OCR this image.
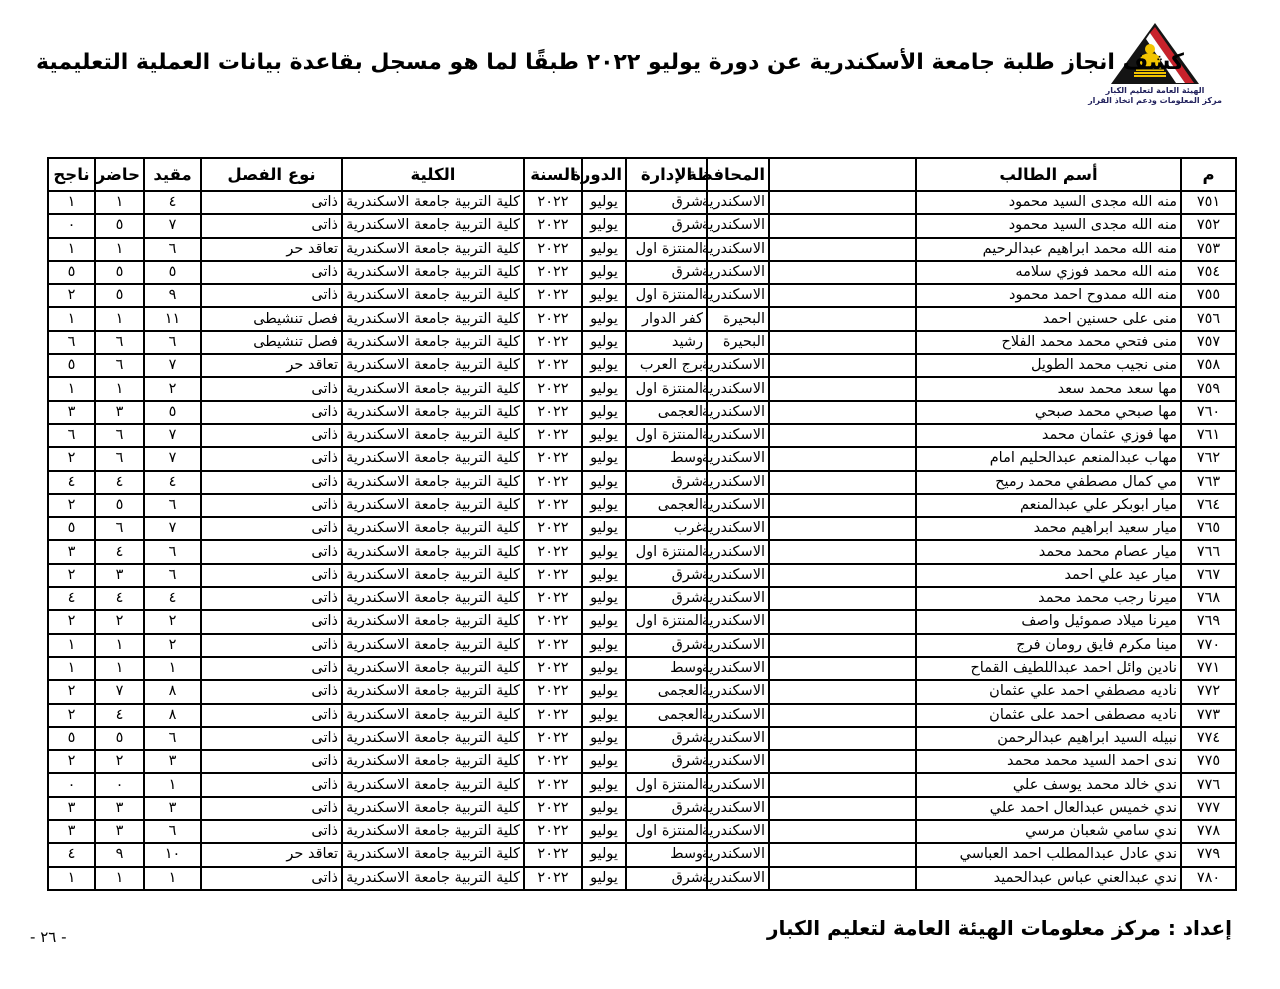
الهيئة العامة لتعليم الكبار
مركز المعلومات ودعم اتخاذ القرار
كشف انجاز طلبة جامعة الأسكندرية عن دورة يوليو ٢٠٢٢ طبقًا لما هو مسجل بقاعدة بيانات العملية التعليمية
م	أسم الطالب		المحافظة	الإدارة	الدورة	السنة	الكلية	نوع الفصل	مقيد	حاضر	ناجح
٧٥١	منه الله مجدى السيد محمود		الاسكندرية	شرق	يوليو	٢٠٢٢	كلية التربية جامعة الاسكندرية	ذاتى	٤	١	١
٧٥٢	منه الله مجدى السيد محمود		الاسكندرية	شرق	يوليو	٢٠٢٢	كلية التربية جامعة الاسكندرية	ذاتى	٧	٥	٠
٧٥٣	منه الله محمد ابراهيم عبدالرحيم		الاسكندرية	المنتزة اول	يوليو	٢٠٢٢	كلية التربية جامعة الاسكندرية	تعاقد حر	٦	١	١
٧٥٤	منه الله محمد فوزي سلامه		الاسكندرية	شرق	يوليو	٢٠٢٢	كلية التربية جامعة الاسكندرية	ذاتى	٥	٥	٥
٧٥٥	منه الله ممدوح احمد محمود		الاسكندرية	المنتزة اول	يوليو	٢٠٢٢	كلية التربية جامعة الاسكندرية	ذاتى	٩	٥	٢
٧٥٦	منى على حسنين احمد		البحيرة	كفر الدوار	يوليو	٢٠٢٢	كلية التربية جامعة الاسكندرية	فصل تنشيطى	١١	١	١
٧٥٧	منى فتحي محمد محمد الفلاح		البحيرة	رشيد	يوليو	٢٠٢٢	كلية التربية جامعة الاسكندرية	فصل تنشيطى	٦	٦	٦
٧٥٨	منى نجيب محمد الطويل		الاسكندرية	برج العرب	يوليو	٢٠٢٢	كلية التربية جامعة الاسكندرية	تعاقد حر	٧	٦	٥
٧٥٩	مها سعد محمد سعد		الاسكندرية	المنتزة اول	يوليو	٢٠٢٢	كلية التربية جامعة الاسكندرية	ذاتى	٢	١	١
٧٦٠	مها صبحي محمد صبحي		الاسكندرية	العجمى	يوليو	٢٠٢٢	كلية التربية جامعة الاسكندرية	ذاتى	٥	٣	٣
٧٦١	مها فوزي عثمان محمد		الاسكندرية	المنتزة اول	يوليو	٢٠٢٢	كلية التربية جامعة الاسكندرية	ذاتى	٧	٦	٦
٧٦٢	مهاب عبدالمنعم عبدالحليم امام		الاسكندرية	وسط	يوليو	٢٠٢٢	كلية التربية جامعة الاسكندرية	ذاتى	٧	٦	٢
٧٦٣	مي كمال مصطفي محمد رميح		الاسكندرية	شرق	يوليو	٢٠٢٢	كلية التربية جامعة الاسكندرية	ذاتى	٤	٤	٤
٧٦٤	ميار ابوبكر علي عبدالمنعم		الاسكندرية	العجمى	يوليو	٢٠٢٢	كلية التربية جامعة الاسكندرية	ذاتى	٦	٥	٢
٧٦٥	ميار سعيد ابراهيم محمد		الاسكندرية	غرب	يوليو	٢٠٢٢	كلية التربية جامعة الاسكندرية	ذاتى	٧	٦	٥
٧٦٦	ميار عصام محمد محمد		الاسكندرية	المنتزة اول	يوليو	٢٠٢٢	كلية التربية جامعة الاسكندرية	ذاتى	٦	٤	٣
٧٦٧	ميار عيد علي احمد		الاسكندرية	شرق	يوليو	٢٠٢٢	كلية التربية جامعة الاسكندرية	ذاتى	٦	٣	٢
٧٦٨	ميرنا رجب محمد محمد		الاسكندرية	شرق	يوليو	٢٠٢٢	كلية التربية جامعة الاسكندرية	ذاتى	٤	٤	٤
٧٦٩	ميرنا ميلاد صموئيل واصف		الاسكندرية	المنتزة اول	يوليو	٢٠٢٢	كلية التربية جامعة الاسكندرية	ذاتى	٢	٢	٢
٧٧٠	مينا مكرم فايق رومان فرج		الاسكندرية	شرق	يوليو	٢٠٢٢	كلية التربية جامعة الاسكندرية	ذاتى	٢	١	١
٧٧١	نادين وائل احمد عبداللطيف القماح		الاسكندرية	وسط	يوليو	٢٠٢٢	كلية التربية جامعة الاسكندرية	ذاتى	١	١	١
٧٧٢	ناديه مصطفي احمد علي عثمان		الاسكندرية	العجمى	يوليو	٢٠٢٢	كلية التربية جامعة الاسكندرية	ذاتى	٨	٧	٢
٧٧٣	ناديه مصطفى احمد على عثمان		الاسكندرية	العجمى	يوليو	٢٠٢٢	كلية التربية جامعة الاسكندرية	ذاتى	٨	٤	٢
٧٧٤	نبيله السيد ابراهيم عبدالرحمن		الاسكندرية	شرق	يوليو	٢٠٢٢	كلية التربية جامعة الاسكندرية	ذاتى	٦	٥	٥
٧٧٥	ندى احمد السيد محمد محمد		الاسكندرية	شرق	يوليو	٢٠٢٢	كلية التربية جامعة الاسكندرية	ذاتى	٣	٢	٢
٧٧٦	ندي خالد محمد يوسف علي		الاسكندرية	المنتزة اول	يوليو	٢٠٢٢	كلية التربية جامعة الاسكندرية	ذاتى	١	٠	٠
٧٧٧	ندي خميس عبدالعال احمد علي		الاسكندرية	شرق	يوليو	٢٠٢٢	كلية التربية جامعة الاسكندرية	ذاتى	٣	٣	٣
٧٧٨	ندي سامي شعبان مرسي		الاسكندرية	المنتزة اول	يوليو	٢٠٢٢	كلية التربية جامعة الاسكندرية	ذاتى	٦	٣	٣
٧٧٩	ندي عادل عبدالمطلب احمد العباسي		الاسكندرية	وسط	يوليو	٢٠٢٢	كلية التربية جامعة الاسكندرية	تعاقد حر	١٠	٩	٤
٧٨٠	ندي عبدالعني عباس عبدالحميد		الاسكندرية	شرق	يوليو	٢٠٢٢	كلية التربية جامعة الاسكندرية	ذاتى	١	١	١
إعداد : مركز معلومات الهيئة العامة لتعليم الكبار
- ٢٦ -
